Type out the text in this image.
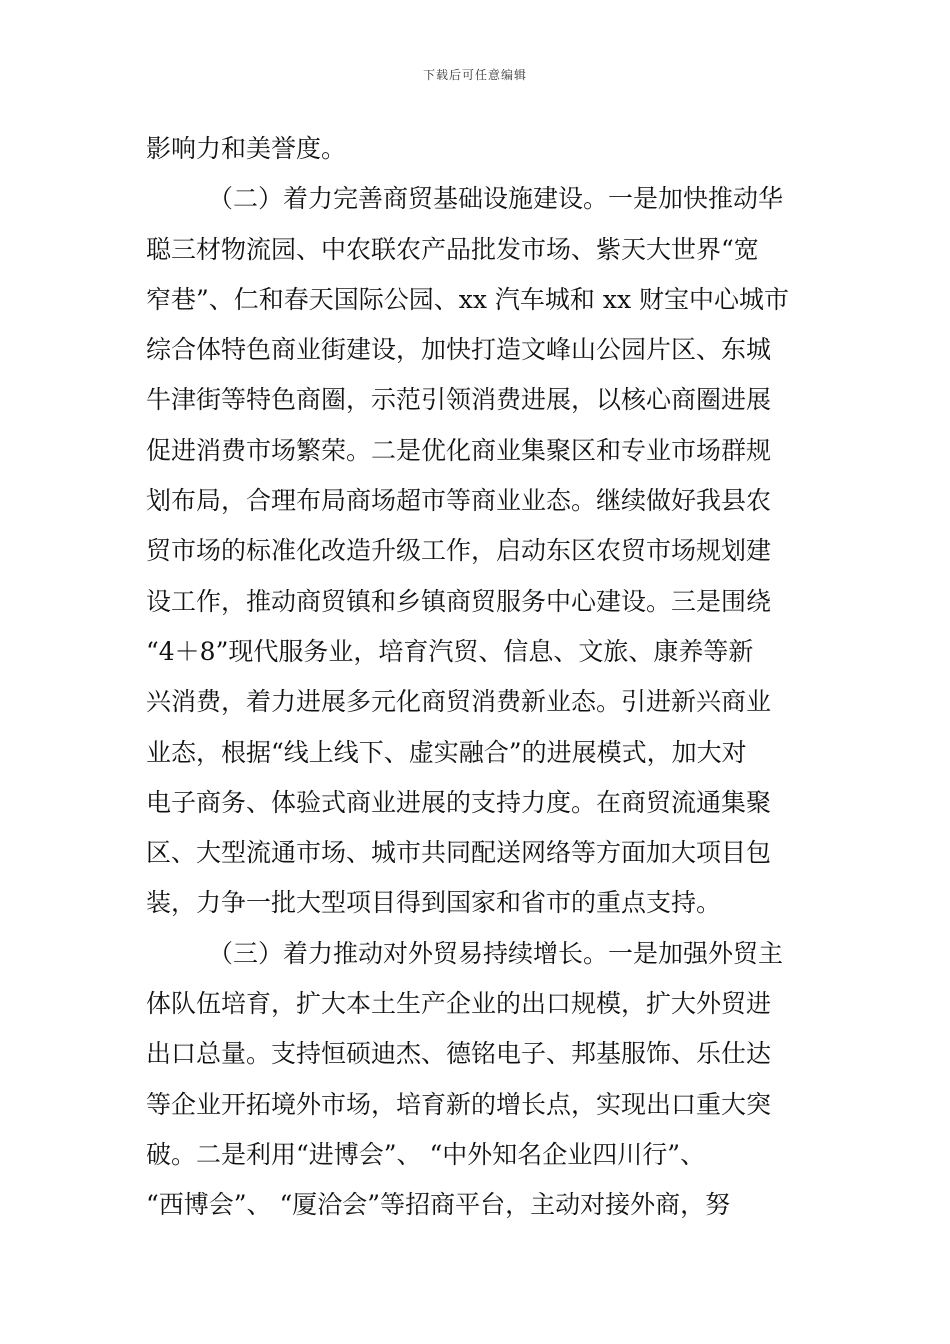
下载后可任意编辑
影响力和美誉度。
（二）着力完善商贸基础设施建设。一是加快推动华
聪三材物流园、中农联农产品批发市场、紫天大世界“宽
窄巷”、仁和春天国际公园、xx 汽车城和 xx 财宝中心城市
综合体特色商业街建设，加快打造文峰山公园片区、东城
牛津街等特色商圈，示范引领消费进展，以核心商圈进展
促进消费市场繁荣。二是优化商业集聚区和专业市场群规
划布局，合理布局商场超市等商业业态。继续做好我县农
贸市场的标准化改造升级工作，启动东区农贸市场规划建
设工作，推动商贸镇和乡镇商贸服务中心建设。三是围绕
“4＋8”现代服务业，培育汽贸、信息、文旅、康养等新
兴消费，着力进展多元化商贸消费新业态。引进新兴商业
业态，根据“线上线下、虚实融合”的进展模式，加大对
电子商务、体验式商业进展的支持力度。在商贸流通集聚
区、大型流通市场、城市共同配送网络等方面加大项目包
装，力争一批大型项目得到国家和省市的重点支持。
（三）着力推动对外贸易持续增长。一是加强外贸主
体队伍培育，扩大本土生产企业的出口规模，扩大外贸进
出口总量。支持恒硕迪杰、德铭电子、邦基服饰、乐仕达
等企业开拓境外市场，培育新的增长点，实现出口重大突
破。二是利用“进博会”、 “中外知名企业四川行”、
“西博会”、 “厦洽会”等招商平台，主动对接外商，努
